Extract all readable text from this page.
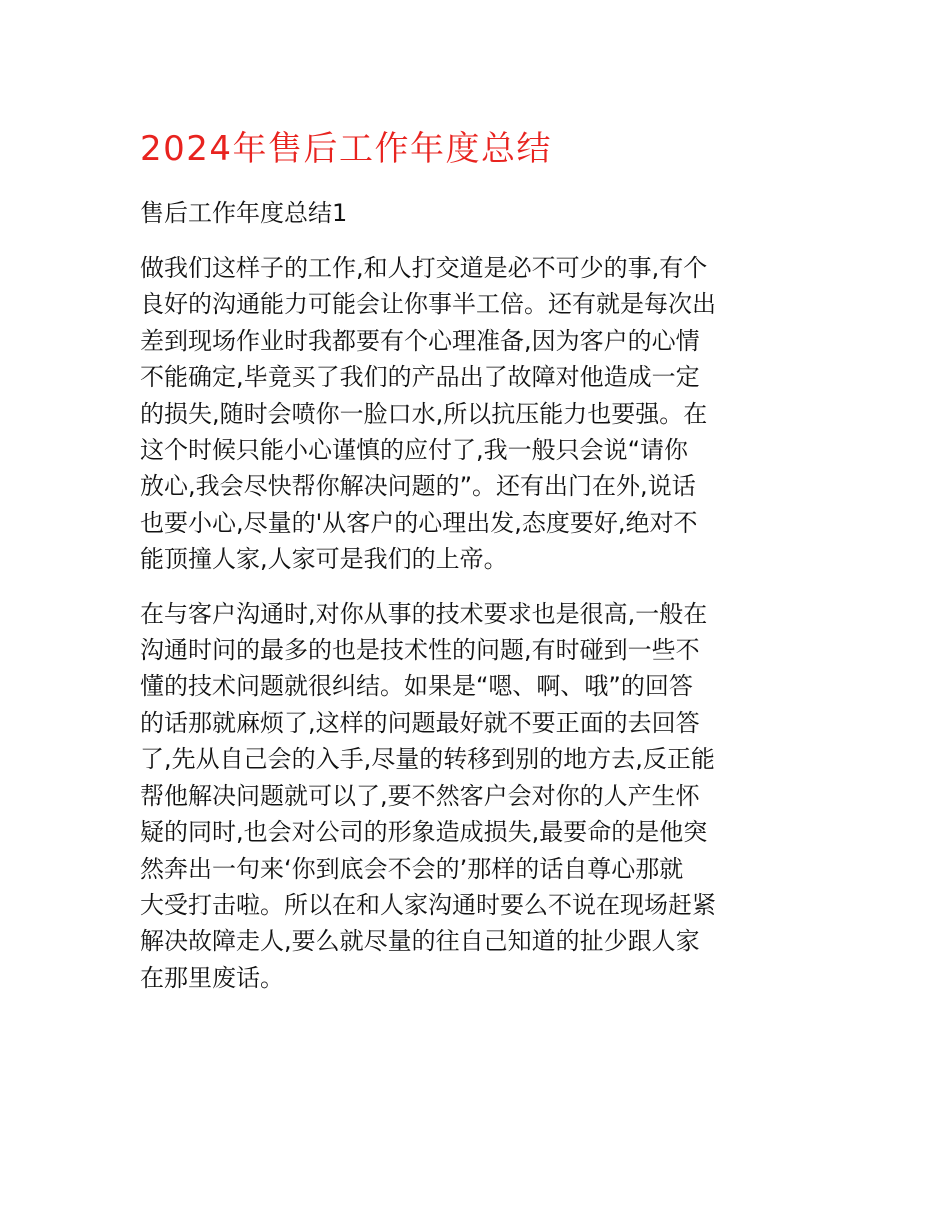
2024年售后工作年度总结
售后工作年度总结1
做我们这样子的工作,和人打交道是必不可少的事,有个
良好的沟通能力可能会让你事半工倍。还有就是每次出
差到现场作业时我都要有个心理准备,因为客户的心情
不能确定,毕竟买了我们的产品出了故障对他造成一定
的损失,随时会喷你一脸口水,所以抗压能力也要强。在
这个时候只能小心谨慎的应付了,我一般只会说“请你
放心,我会尽快帮你解决问题的”。还有出门在外,说话
也要小心,尽量的'从客户的心理出发,态度要好,绝对不
能顶撞人家,人家可是我们的上帝。
在与客户沟通时,对你从事的技术要求也是很高,一般在
沟通时问的最多的也是技术性的问题,有时碰到一些不
懂的技术问题就很纠结。如果是“嗯、啊、哦”的回答
的话那就麻烦了,这样的问题最好就不要正面的去回答
了,先从自己会的入手,尽量的转移到别的地方去,反正能
帮他解决问题就可以了,要不然客户会对你的人产生怀
疑的同时,也会对公司的形象造成损失,最要命的是他突
然奔出一句来‘你到底会不会的’那样的话自尊心那就
大受打击啦。所以在和人家沟通时要么不说在现场赶紧
解决故障走人,要么就尽量的往自己知道的扯少跟人家
在那里废话。
